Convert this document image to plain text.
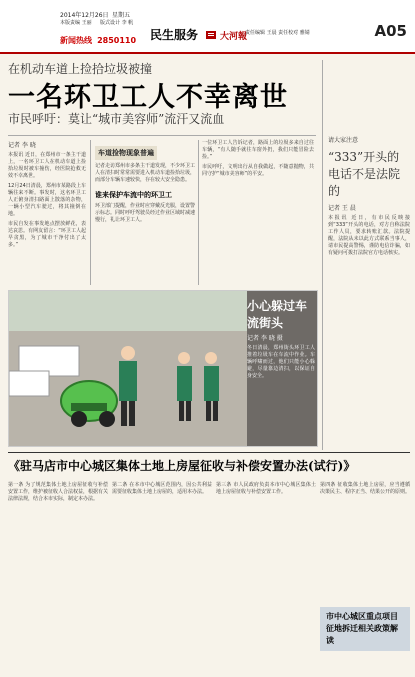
2014年12月26日 星期五
本版责编 王丽 版式设计 李 帆
新闻热线 2850110 民生服务 大河報
责任编辑 王晨 责任校对 雅婧	A05
在机动车道上捡拾垃圾被撞
一名环卫工人不幸离世
市民呼吁：莫让“城市美容师”流汗又流血
记者 李 晓
本报讯 近日，在郑州市一条主干道上，一名环卫工人在机动车道上捡拾垃圾时被车撞伤，经医院抢救无效不幸离世。
12月24日清晨，郑州市某路段上车辆往来不断。事发时，这名环卫工人正俯身清扫路面上散落的杂物，一辆小型汽车驶过，将其撞倒在地。
市民自发在事发地点摆放鲜花，表达哀思。有网友留言：“环卫工人起早贪黑，为了城市干净付出了太多。”
车道捡物现象普遍
记者走访郑州市多条主干道发现，不少环卫工人在清扫时常常需要进入机动车道捡拾垃圾，而部分车辆车速较快，存在较大安全隐患。
谁来保护车流中的环卫工
环卫部门提醒，作业时应穿戴反光服，设置警示标志。同时呼吁驾驶员经过作业区域时减速慢行，礼让环卫工人。
一位环卫工人告诉记者，路面上的垃圾多来自过往车辆，“有人随手就往车窗外扔，我们只能冒险去捡。”
市民呼吁，文明出行从自我做起，不随意抛物，共同守护“城市美容师”的平安。
小心躲过车流街头
记者 李 晓 摄
冬日清晨，郑州街头环卫工人推着垃圾车在车流中作业。车辆呼啸而过，他们只能小心躲避，尽量靠边清扫，以保证自身安全。
请大家注意
“333”开头的电话不是法院的
记者 王 晨
本报讯 近日，有市民反映接到“333”开头的电话，对方自称法院工作人员，要求转账汇款。法院提醒，法院从未以此方式联系当事人，请市民提高警惕，谨防电信诈骗，如有疑问可拨打法院官方电话核实。
《驻马店市中心城区集体土地上房屋征收与补偿安置办法(试行)》
第一条 为了规范集体土地上房屋征收与补偿安置工作，维护被征收人合法权益，根据有关法律法规，结合本市实际，制定本办法。
第二条 在本市中心城区范围内，因公共利益需要征收集体土地上房屋的，适用本办法。
第三条 市人民政府负责本市中心城区集体土地上房屋征收与补偿安置工作。
第四条 征收集体土地上房屋，应当遵循决策民主、程序正当、结果公开的原则。
市中心城区重点项目征地拆迁相关政策解读
